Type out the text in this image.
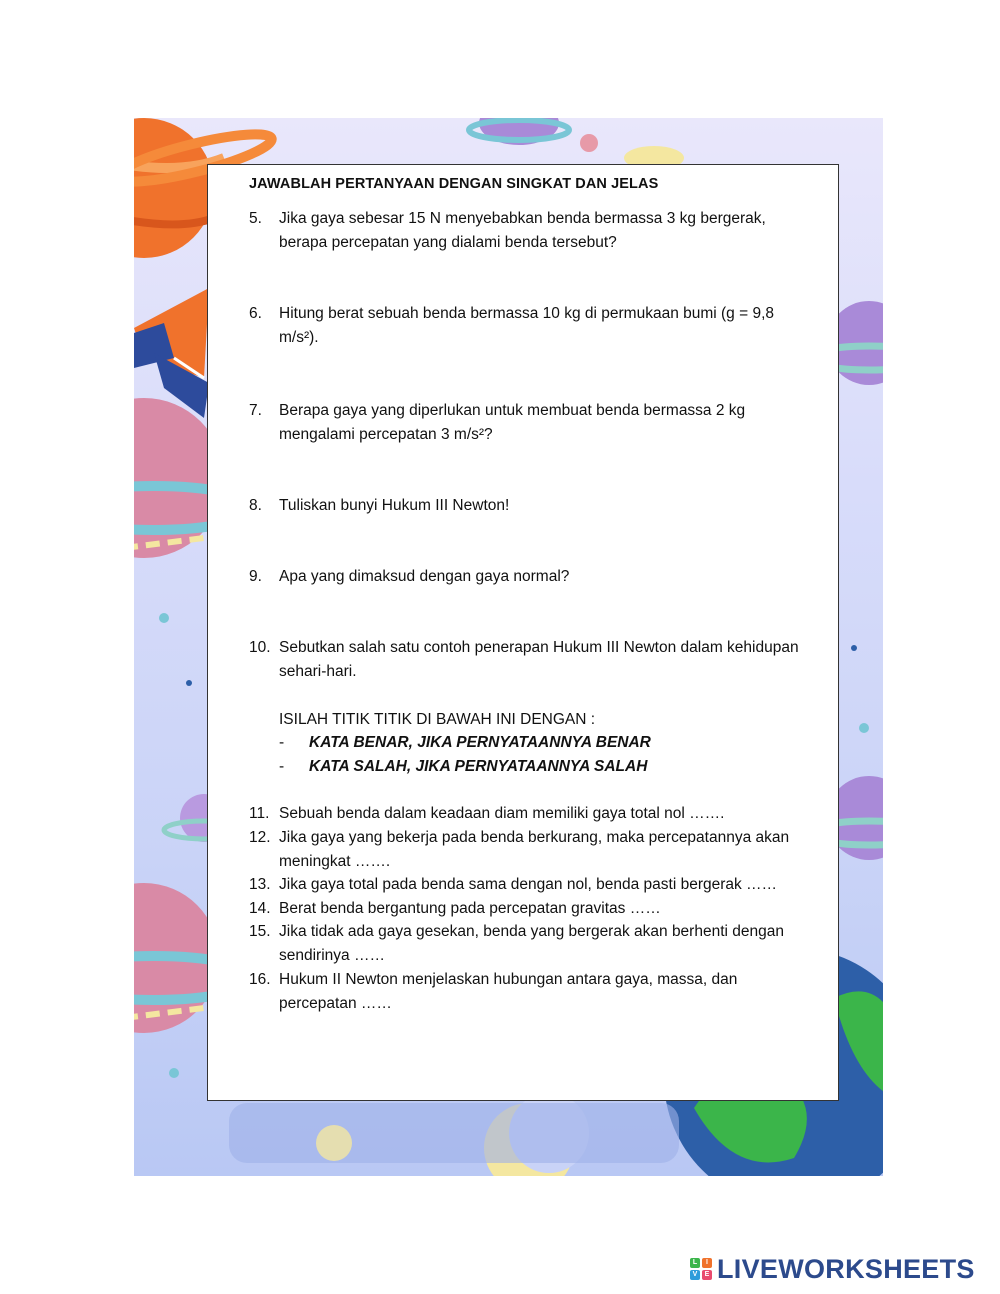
JAWABLAH PERTANYAAN DENGAN SINGKAT DAN JELAS
5.	Jika gaya sebesar 15 N menyebabkan benda bermassa 3 kg bergerak, berapa percepatan yang dialami benda tersebut?
6.	Hitung berat sebuah benda bermassa 10 kg di permukaan bumi (g = 9,8 m/s²).
7.	Berapa gaya yang diperlukan untuk membuat benda bermassa 2 kg mengalami percepatan 3 m/s²?
8.	Tuliskan bunyi Hukum III Newton!
9.	Apa yang dimaksud dengan gaya normal?
10. Sebutkan salah satu contoh penerapan Hukum III Newton dalam kehidupan sehari-hari.
ISILAH TITIK TITIK DI BAWAH INI DENGAN :
- KATA BENAR, JIKA PERNYATAANNYA BENAR
- KATA SALAH, JIKA PERNYATAANNYA SALAH
11. Sebuah benda dalam keadaan diam memiliki gaya total nol …….
12. Jika gaya yang bekerja pada benda berkurang, maka percepatannya akan meningkat …….
13. Jika gaya total pada benda sama dengan nol, benda pasti bergerak ……
14. Berat benda bergantung pada percepatan gravitas ……
15. Jika tidak ada gaya gesekan, benda yang bergerak akan berhenti dengan sendirinya ……
16. Hukum II Newton menjelaskan hubungan antara gaya, massa, dan percepatan ……
L	I
V	E LIVEWORKSHEETS
